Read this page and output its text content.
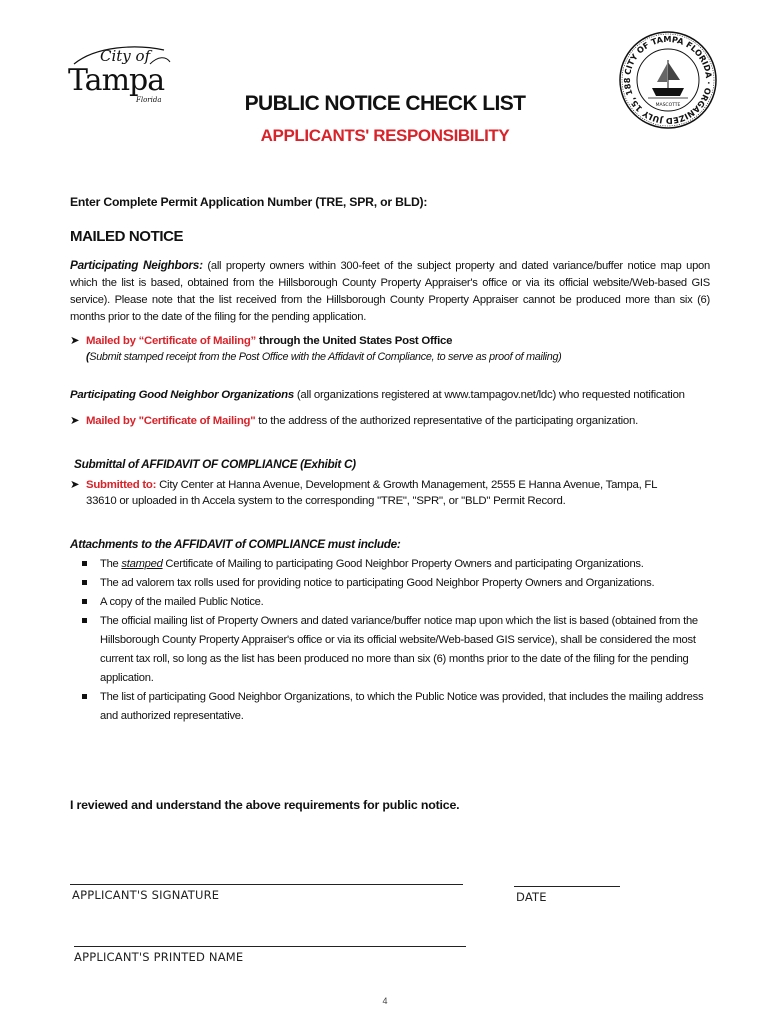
City of
Tampa
Florida
CITY OF TAMPA FLORIDA · ORGANIZED JULY 15, 188
MASCOTTE
PUBLIC NOTICE CHECK LIST
APPLICANTS' RESPONSIBILITY
Enter Complete Permit Application Number (TRE, SPR, or BLD):
MAILED NOTICE
Participating Neighbors: (all property owners within 300-feet of the subject property and dated variance/buffer notice map upon which the list is based, obtained from the Hillsborough County Property Appraiser's office or via its official website/Web-based GIS service). Please note that the list received from the Hillsborough County Property Appraiser cannot be produced more than six (6) months prior to the date of the filing for the pending application.
➤ Mailed by “Certificate of Mailing” through the United States Post Office
(Submit stamped receipt from the Post Office with the Affidavit of Compliance, to serve as proof of mailing)
Participating Good Neighbor Organizations (all organizations registered at www.tampagov.net/ldc) who requested notification
➤ Mailed by "Certificate of Mailing" to the address of the authorized representative of the participating organization.
Submittal of AFFIDAVIT OF COMPLIANCE (Exhibit C)
➤ Submitted to: City Center at Hanna Avenue, Development & Growth Management, 2555 E Hanna Avenue, Tampa, FL
33610 or uploaded in th Accela system to the corresponding "TRE", "SPR", or "BLD" Permit Record.
Attachments to the AFFIDAVIT of COMPLIANCE must include:
The stamped Certificate of Mailing to participating Good Neighbor Property Owners and participating Organizations.
The ad valorem tax rolls used for providing notice to participating Good Neighbor Property Owners and Organizations.
A copy of the mailed Public Notice.
The official mailing list of Property Owners and dated variance/buffer notice map upon which the list is based (obtained from the Hillsborough County Property Appraiser's office or via its official website/Web-based GIS service), shall be considered the most current tax roll, so long as the list has been produced no more than six (6) months prior to the date of the filing for the pending application.
The list of participating Good Neighbor Organizations, to which the Public Notice was provided, that includes the mailing address and authorized representative.
I reviewed and understand the above requirements for public notice.
APPLICANT'S SIGNATURE	DATE
APPLICANT'S PRINTED NAME
4
